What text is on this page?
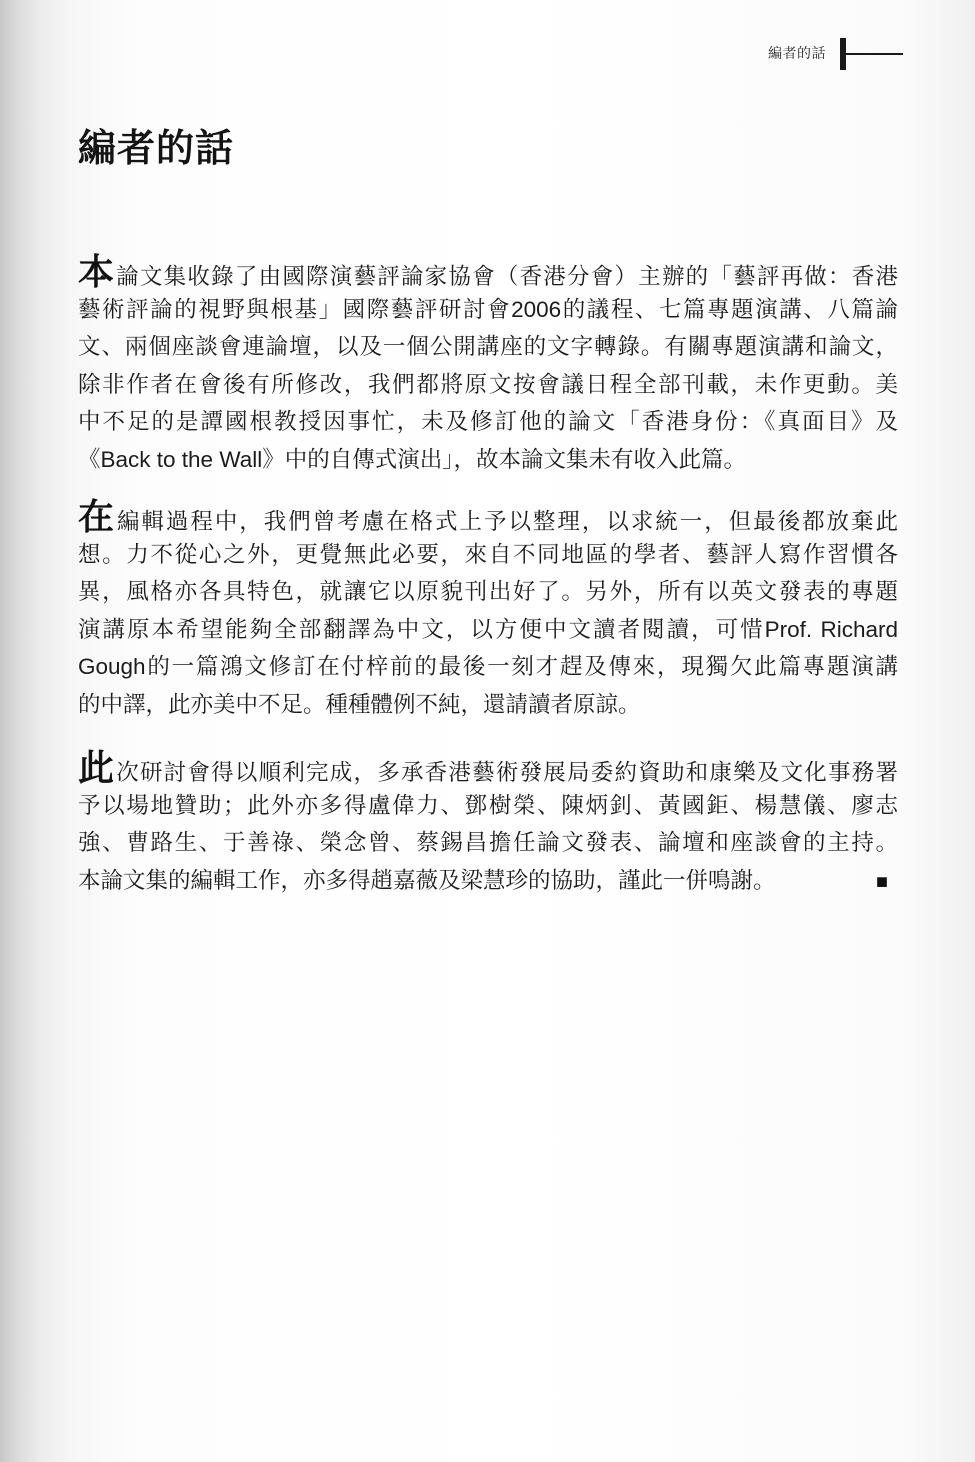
編者的話
編者的話
本論文集收錄了由國際演藝評論家協會（香港分會）主辦的「藝評再做：香港
藝術評論的視野與根基」國際藝評研討會2006的議程、七篇專題演講、八篇論
文、兩個座談會連論壇，以及一個公開講座的文字轉錄。有關專題演講和論文，
除非作者在會後有所修改，我們都將原文按會議日程全部刊載，未作更動。美
中不足的是譚國根教授因事忙，未及修訂他的論文「香港身份：《真面目》及
《Back to the Wall》中的自傳式演出」，故本論文集未有收入此篇。
在編輯過程中，我們曾考慮在格式上予以整理，以求統一，但最後都放棄此
想。力不從心之外，更覺無此必要，來自不同地區的學者、藝評人寫作習慣各
異，風格亦各具特色，就讓它以原貌刊出好了。另外，所有以英文發表的專題
演講原本希望能夠全部翻譯為中文，以方便中文讀者閱讀，可惜Prof. Richard
Gough的一篇鴻文修訂在付梓前的最後一刻才趕及傳來，現獨欠此篇專題演講
的中譯，此亦美中不足。種種體例不純，還請讀者原諒。
此次研討會得以順利完成，多承香港藝術發展局委約資助和康樂及文化事務署
予以場地贊助；此外亦多得盧偉力、鄧樹榮、陳炳釗、黃國鉅、楊慧儀、廖志
強、曹路生、于善祿、榮念曾、蔡錫昌擔任論文發表、論壇和座談會的主持。
本論文集的編輯工作，亦多得趙嘉薇及梁慧珍的協助，謹此一併鳴謝。	■
